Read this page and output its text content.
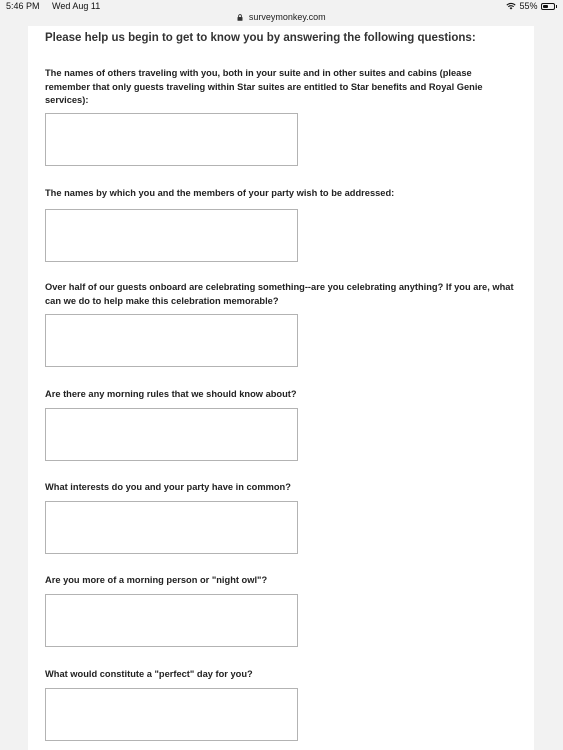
5:46 PM Wed Aug 11	55%
surveymonkey.com
Please help us begin to get to know you by answering the following questions:

The names of others traveling with you, both in your suite and in other suites and cabins (please remember that only guests traveling within Star suites are entitled to Star benefits and Royal Genie services):

The names by which you and the members of your party wish to be addressed:

Over half of our guests onboard are celebrating something--are you celebrating anything? If you are, what can we do to help make this celebration memorable?

Are there any morning rules that we should know about?

What interests do you and your party have in common?

Are you more of a morning person or "night owl"?

What would constitute a "perfect" day for you?
